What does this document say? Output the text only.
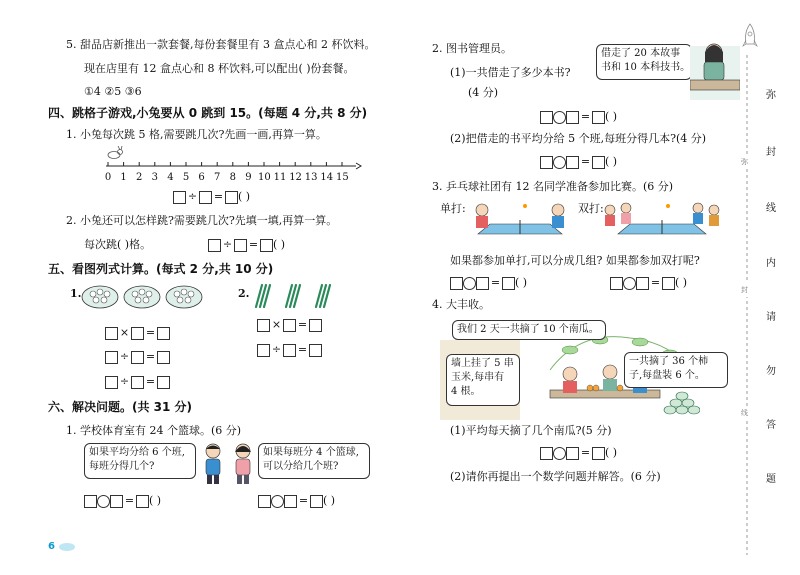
5. 甜品店新推出一款套餐,每份套餐里有 3 盒点心和 2 杯饮料。
现在店里有 12 盒点心和 8 杯饮料,可以配出( )份套餐。
①4 ②5 ③6
四、跳格子游戏,小兔要从 0 跳到 15。(每题 4 分,共 8 分)
1. 小兔每次跳 5 格,需要跳几次?先画一画,再算一算。
0 1 2 3 4 5 6 7 8 9 10 11 12 13 14 15
÷ = ( )
2. 小兔还可以怎样跳?需要跳几次?先填一填,再算一算。
每次跳( )格。	÷ = ( )
五、看图列式计算。(每式 2 分,共 10 分)
1.	2.
× =
÷ =
÷ =
× =
÷ =
六、解决问题。(共 31 分)
1. 学校体育室有 24 个篮球。(6 分)
如果平均分给 6 个班,
每班分得几个?
如果每班分 4 个篮球,
可以分给几个班?
= ( )	= ( )
6
2. 图书管理员。	借走了 20 本故事
书和 10 本科技书。
(1)一共借走了多少本书?
(4 分)
= ( )
(2)把借走的书平均分给 5 个班,每班分得几本?(4 分)
= ( )
3. 乒乓球社团有 12 名同学准备参加比赛。(6 分)
单打:	双打:
如果都参加单打,可以分成几组? 如果都参加双打呢?
= ( )	= ( )
4. 大丰收。
我们 2 天一共摘了 10 个南瓜。
墙上挂了 5 串
玉米,每串有
4 根。
一共摘了 36 个柿
子,每盘装 6 个。
(1)平均每天摘了几个南瓜?(5 分)
= ( )
(2)请你再提出一个数学问题并解答。(6 分)
弥
封
线
内
请
勿
答
题
弥
封
线
